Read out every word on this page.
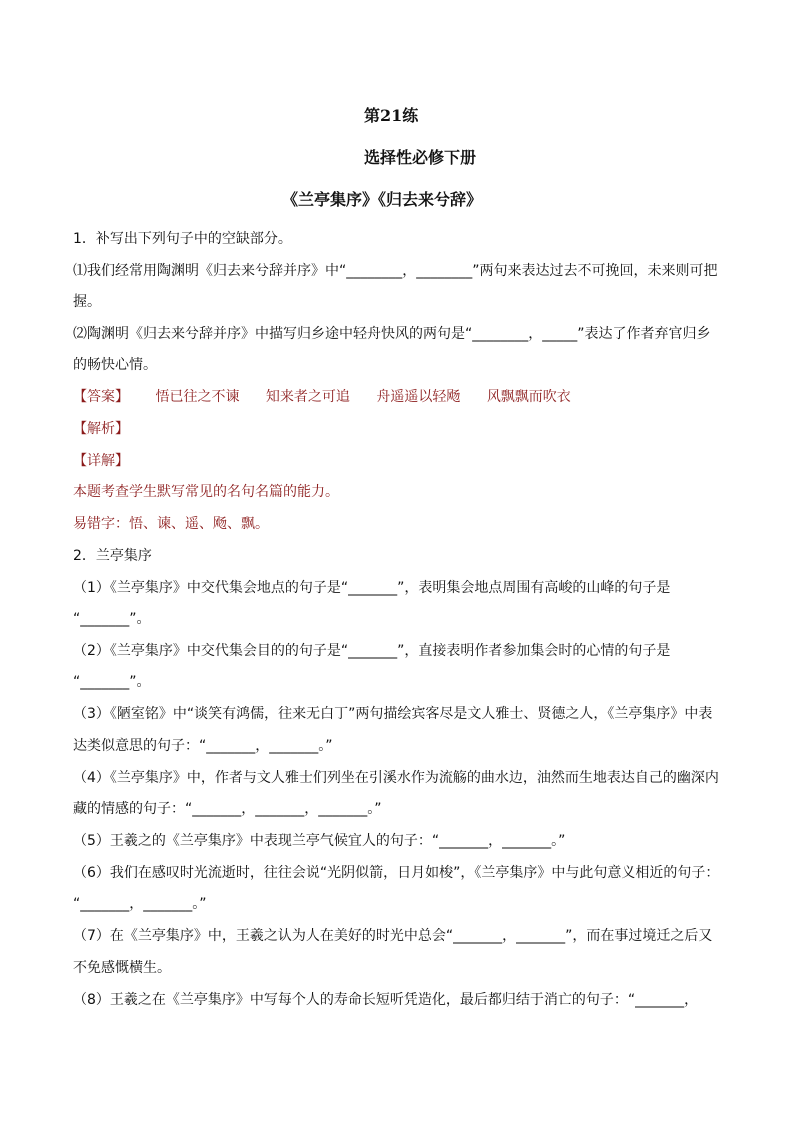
第21练
选择性必修下册
《兰亭集序》《归去来兮辞》
1．补写出下列句子中的空缺部分。
⑴我们经常用陶渊明《归去来兮辞并序》中“________，________”两句来表达过去不可挽回，未来则可把
握。
⑵陶渊明《归去来兮辞并序》中描写归乡途中轻舟快风的两句是“________，_____”表达了作者弃官归乡
的畅快心情。
【答案】 悟已往之不谏 知来者之可追 舟遥遥以轻飏 风飘飘而吹衣
【解析】
【详解】
本题考查学生默写常见的名句名篇的能力。
易错字：悟、谏、遥、飏、飘。
2．兰亭集序
（1）《兰亭集序》中交代集会地点的句子是“_______”，表明集会地点周围有高峻的山峰的句子是
“_______”。
（2）《兰亭集序》中交代集会目的的句子是“_______”，直接表明作者参加集会时的心情的句子是
“_______”。
（3）《陋室铭》中“谈笑有鸿儒，往来无白丁”两句描绘宾客尽是文人雅士、贤德之人，《兰亭集序》中表
达类似意思的句子：“_______，_______。”
（4）《兰亭集序》中，作者与文人雅士们列坐在引溪水作为流觞的曲水边，油然而生地表达自己的幽深内
藏的情感的句子：“_______，_______，_______。”
（5）王羲之的《兰亭集序》中表现兰亭气候宜人的句子：“_______，_______。”
（6）我们在感叹时光流逝时，往往会说“光阴似箭，日月如梭”，《兰亭集序》中与此句意义相近的句子：
“_______，_______。”
（7）在《兰亭集序》中，王羲之认为人在美好的时光中总会“_______，_______”，而在事过境迁之后又
不免感慨横生。
（8）王羲之在《兰亭集序》中写每个人的寿命长短听凭造化，最后都归结于消亡的句子：“_______，
